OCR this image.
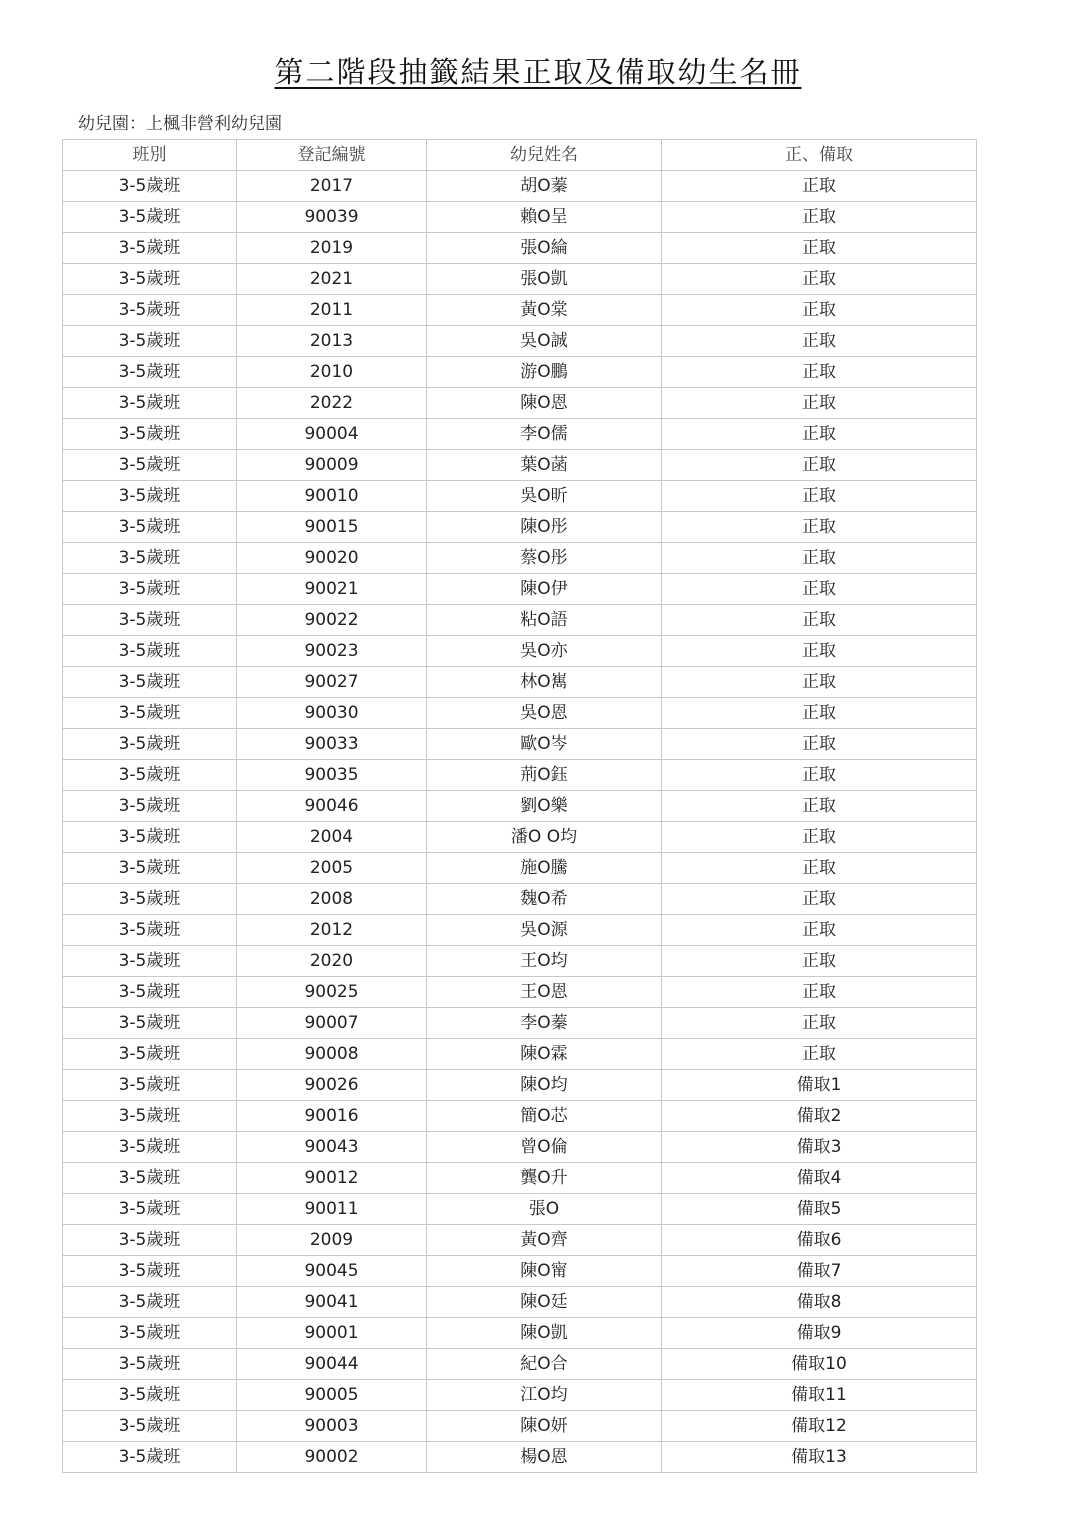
第二階段抽籤結果正取及備取幼生名冊
幼兒園：上楓非營利幼兒園
班別	登記編號	幼兒姓名	正、備取
3-5歲班	2017	胡O蓁	正取
3-5歲班	90039	賴O呈	正取
3-5歲班	2019	張O綸	正取
3-5歲班	2021	張O凱	正取
3-5歲班	2011	黃O棠	正取
3-5歲班	2013	吳O誠	正取
3-5歲班	2010	游O鵬	正取
3-5歲班	2022	陳O恩	正取
3-5歲班	90004	李O儒	正取
3-5歲班	90009	葉O菡	正取
3-5歲班	90010	吳O昕	正取
3-5歲班	90015	陳O彤	正取
3-5歲班	90020	蔡O彤	正取
3-5歲班	90021	陳O伊	正取
3-5歲班	90022	粘O語	正取
3-5歲班	90023	吳O亦	正取
3-5歲班	90027	林O嶲	正取
3-5歲班	90030	吳O恩	正取
3-5歲班	90033	歐O岑	正取
3-5歲班	90035	荊O鈺	正取
3-5歲班	90046	劉O樂	正取
3-5歲班	2004	潘O O均	正取
3-5歲班	2005	施O騰	正取
3-5歲班	2008	魏O希	正取
3-5歲班	2012	吳O源	正取
3-5歲班	2020	王O均	正取
3-5歲班	90025	王O恩	正取
3-5歲班	90007	李O蓁	正取
3-5歲班	90008	陳O霖	正取
3-5歲班	90026	陳O均	備取1
3-5歲班	90016	簡O芯	備取2
3-5歲班	90043	曾O倫	備取3
3-5歲班	90012	龔O升	備取4
3-5歲班	90011	張O	備取5
3-5歲班	2009	黃O齊	備取6
3-5歲班	90045	陳O甯	備取7
3-5歲班	90041	陳O廷	備取8
3-5歲班	90001	陳O凱	備取9
3-5歲班	90044	紀O合	備取10
3-5歲班	90005	江O均	備取11
3-5歲班	90003	陳O妍	備取12
3-5歲班	90002	楊O恩	備取13
